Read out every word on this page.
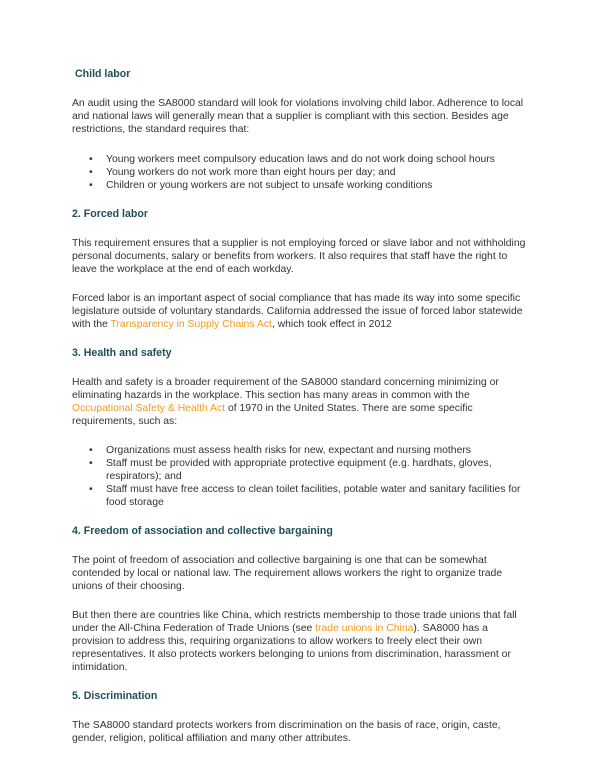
Child labor

An audit using the SA8000 standard will look for violations involving child labor. Adherence to local and national laws will generally mean that a supplier is compliant with this section. Besides age restrictions, the standard requires that:

• Young workers meet compulsory education laws and do not work doing school hours
• Young workers do not work more than eight hours per day; and
• Children or young workers are not subject to unsafe working conditions
2. Forced labor

This requirement ensures that a supplier is not employing forced or slave labor and not withholding personal documents, salary or benefits from workers. It also requires that staff have the right to leave the workplace at the end of each workday.

Forced labor is an important aspect of social compliance that has made its way into some specific legislature outside of voluntary standards. California addressed the issue of forced labor statewide with the Transparency in Supply Chains Act, which took effect in 2012

3. Health and safety

Health and safety is a broader requirement of the SA8000 standard concerning minimizing or eliminating hazards in the workplace. This section has many areas in common with the Occupational Safety & Health Act of 1970 in the United States. There are some specific requirements, such as:

• Organizations must assess health risks for new, expectant and nursing mothers
• Staff must be provided with appropriate protective equipment (e.g. hardhats, gloves, respirators); and
• Staff must have free access to clean toilet facilities, potable water and sanitary facilities for food storage
4. Freedom of association and collective bargaining

The point of freedom of association and collective bargaining is one that can be somewhat contended by local or national law. The requirement allows workers the right to organize trade unions of their choosing.

But then there are countries like China, which restricts membership to those trade unions that fall under the All-China Federation of Trade Unions (see trade unions in China). SA8000 has a provision to address this, requiring organizations to allow workers to freely elect their own representatives. It also protects workers belonging to unions from discrimination, harassment or intimidation.

5. Discrimination

The SA8000 standard protects workers from discrimination on the basis of race, origin, caste, gender, religion, political affiliation and many other attributes.
